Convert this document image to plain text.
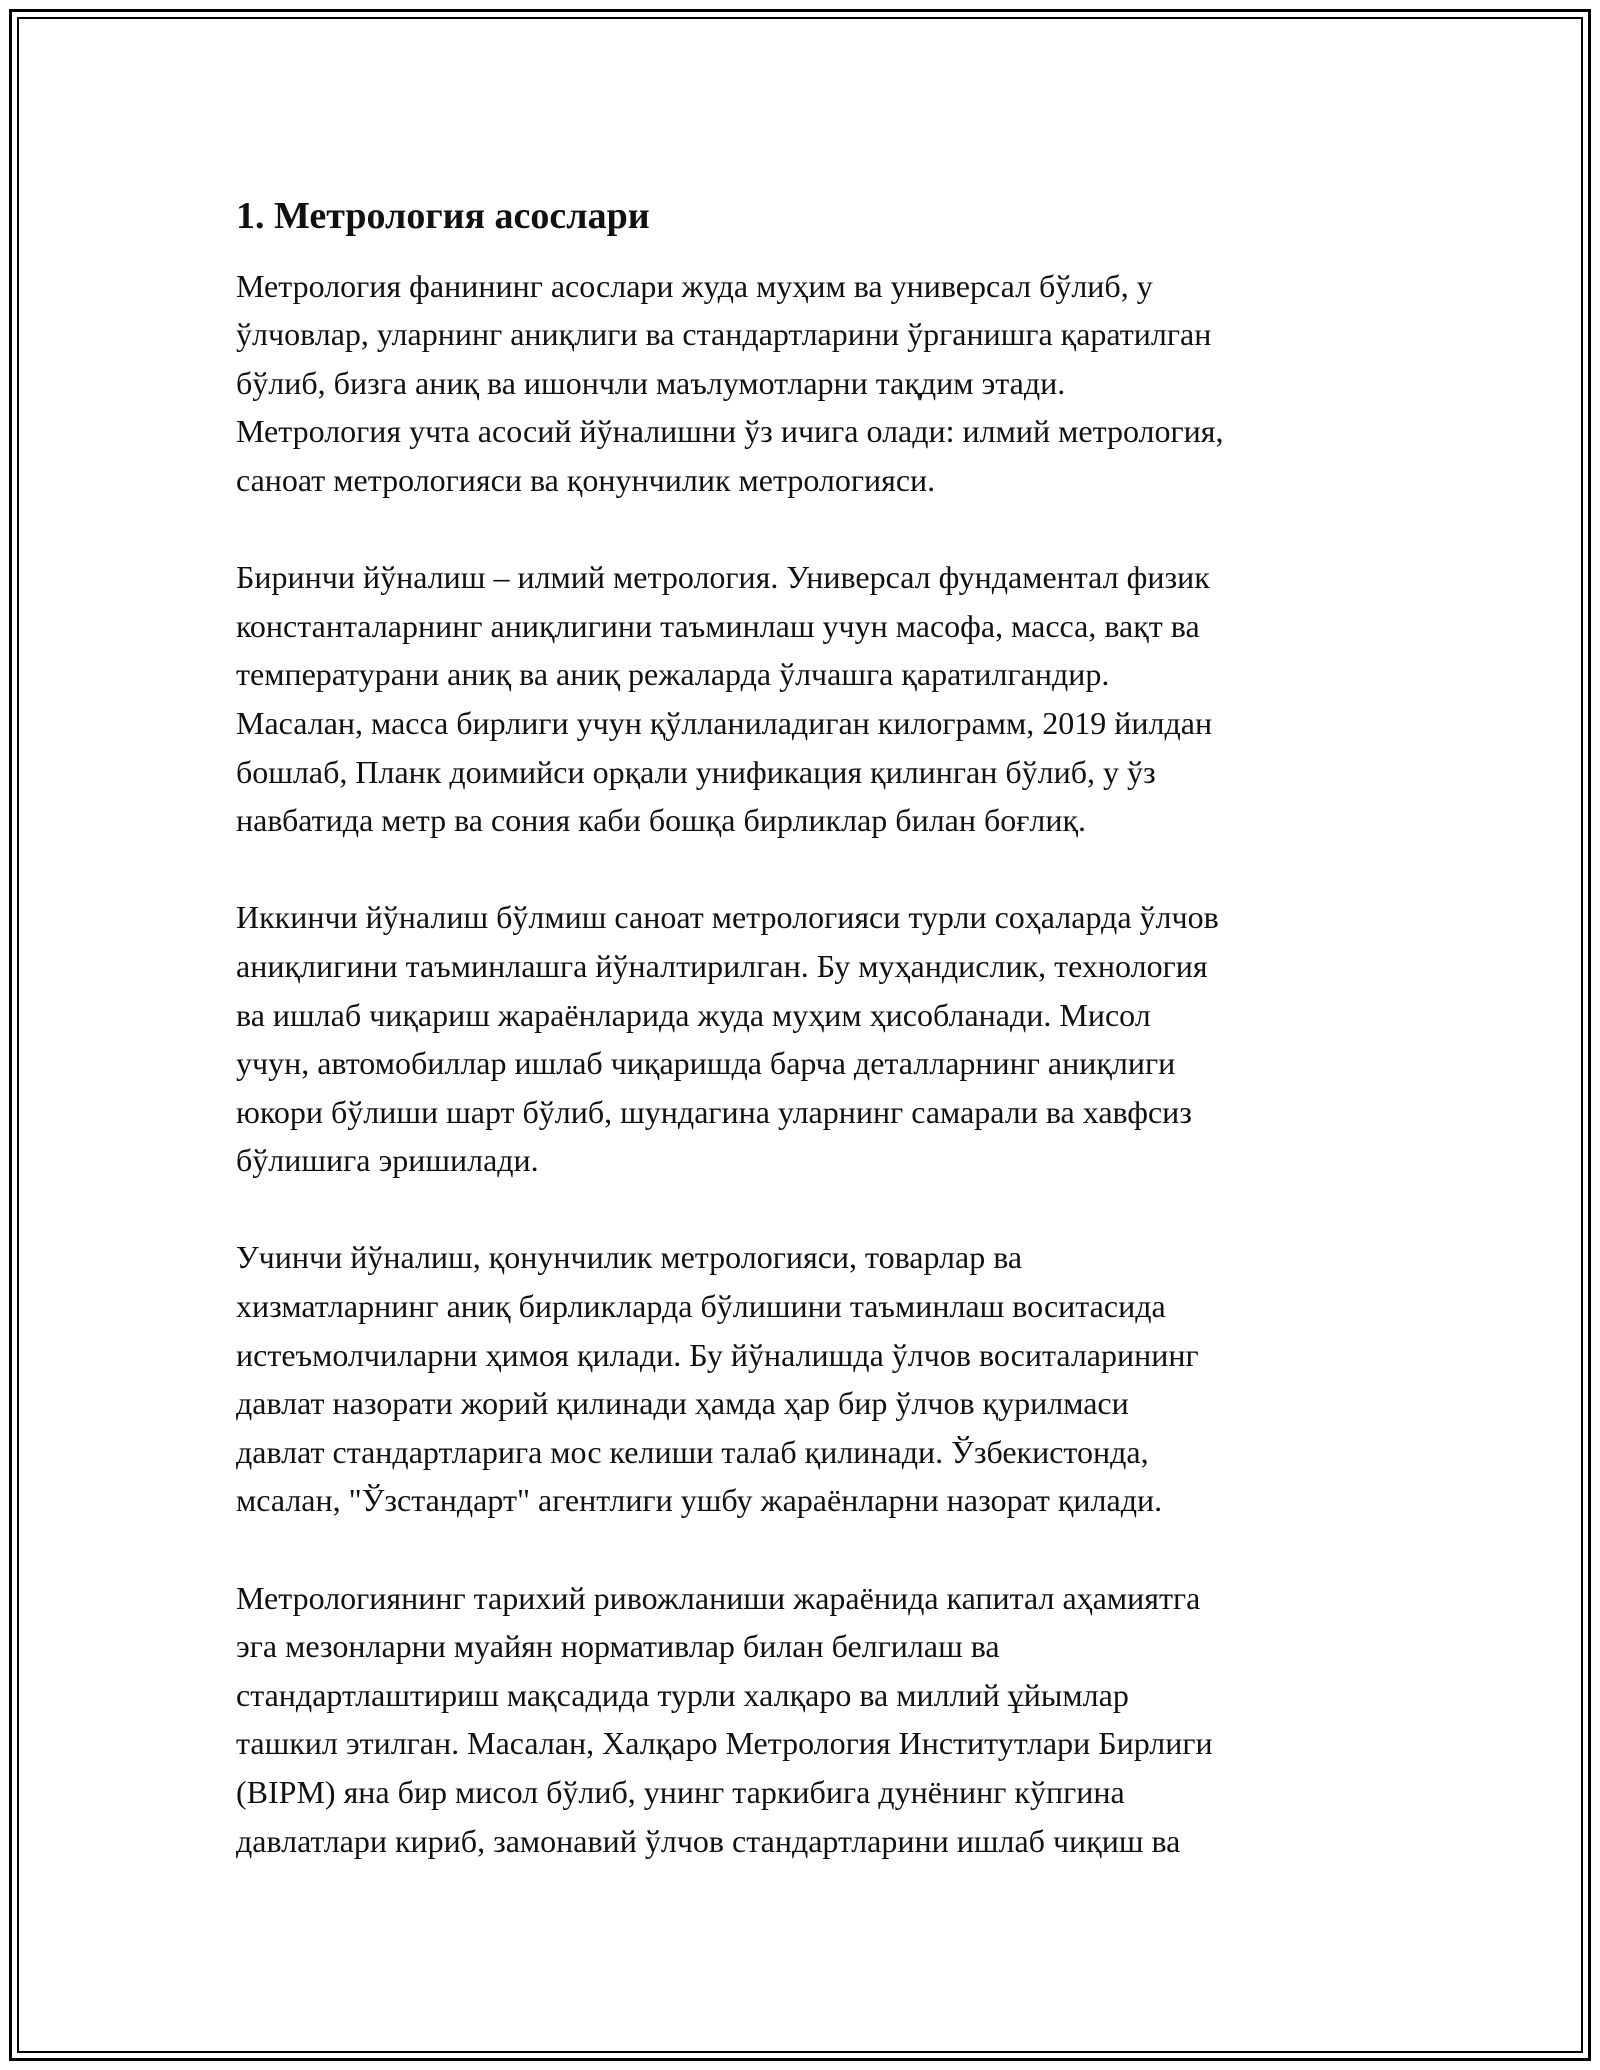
1. Метрология асослари

Метрология фанининг асослари жуда муҳим ва универсал бўлиб, у
ўлчовлар, уларнинг аниқлиги ва стандартларини ўрганишга қаратилган
бўлиб, бизга аниқ ва ишончли маълумотларни тақдим этади.
Метрология учта асосий йўналишни ўз ичига олади: илмий метрология,
саноат метрологияси ва қонунчилик метрологияси.

Биринчи йўналиш – илмий метрология. Универсал фундаментал физик
константаларнинг аниқлигини таъминлаш учун масофа, масса, вақт ва
температурани аниқ ва аниқ режаларда ўлчашга қаратилгандир.
Масалан, масса бирлиги учун қўлланиладиган килограмм, 2019 йилдан
бошлаб, Планк доимийси орқали унификация қилинган бўлиб, у ўз
навбатида метр ва сония каби бошқа бирликлар билан боғлиқ.

Иккинчи йўналиш бўлмиш саноат метрологияси турли соҳаларда ўлчов
аниқлигини таъминлашга йўналтирилган. Бу муҳандислик, технология
ва ишлаб чиқариш жараёнларида жуда муҳим ҳисобланади. Мисол
учун, автомобиллар ишлаб чиқаришда барча деталларнинг аниқлиги
юкори бўлиши шарт бўлиб, шундагина уларнинг самарали ва хавфсиз
бўлишига эришилади.

Учинчи йўналиш, қонунчилик метрологияси, товарлар ва
хизматларнинг аниқ бирликларда бўлишини таъминлаш воситасида
истеъмолчиларни ҳимоя қилади. Бу йўналишда ўлчов воситаларининг
давлат назорати жорий қилинади ҳамда ҳар бир ўлчов қурилмаси
давлат стандартларига мос келиши талаб қилинади. Ўзбекистонда,
мсалан, "Ўзстандарт" агентлиги ушбу жараёнларни назорат қилади.

Метрологиянинг тарихий ривожланиши жараёнида капитал аҳамиятга
эга мезонларни муайян нормативлар билан белгилаш ва
стандартлаштириш мақсадида турли халқаро ва миллий ұйымлар
ташкил этилган. Масалан, Халқаро Метрология Институтлари Бирлиги
(BIPM) яна бир мисол бўлиб, унинг таркибига дунёнинг кўпгина
давлатлари кириб, замонавий ўлчов стандартларини ишлаб чиқиш ва
